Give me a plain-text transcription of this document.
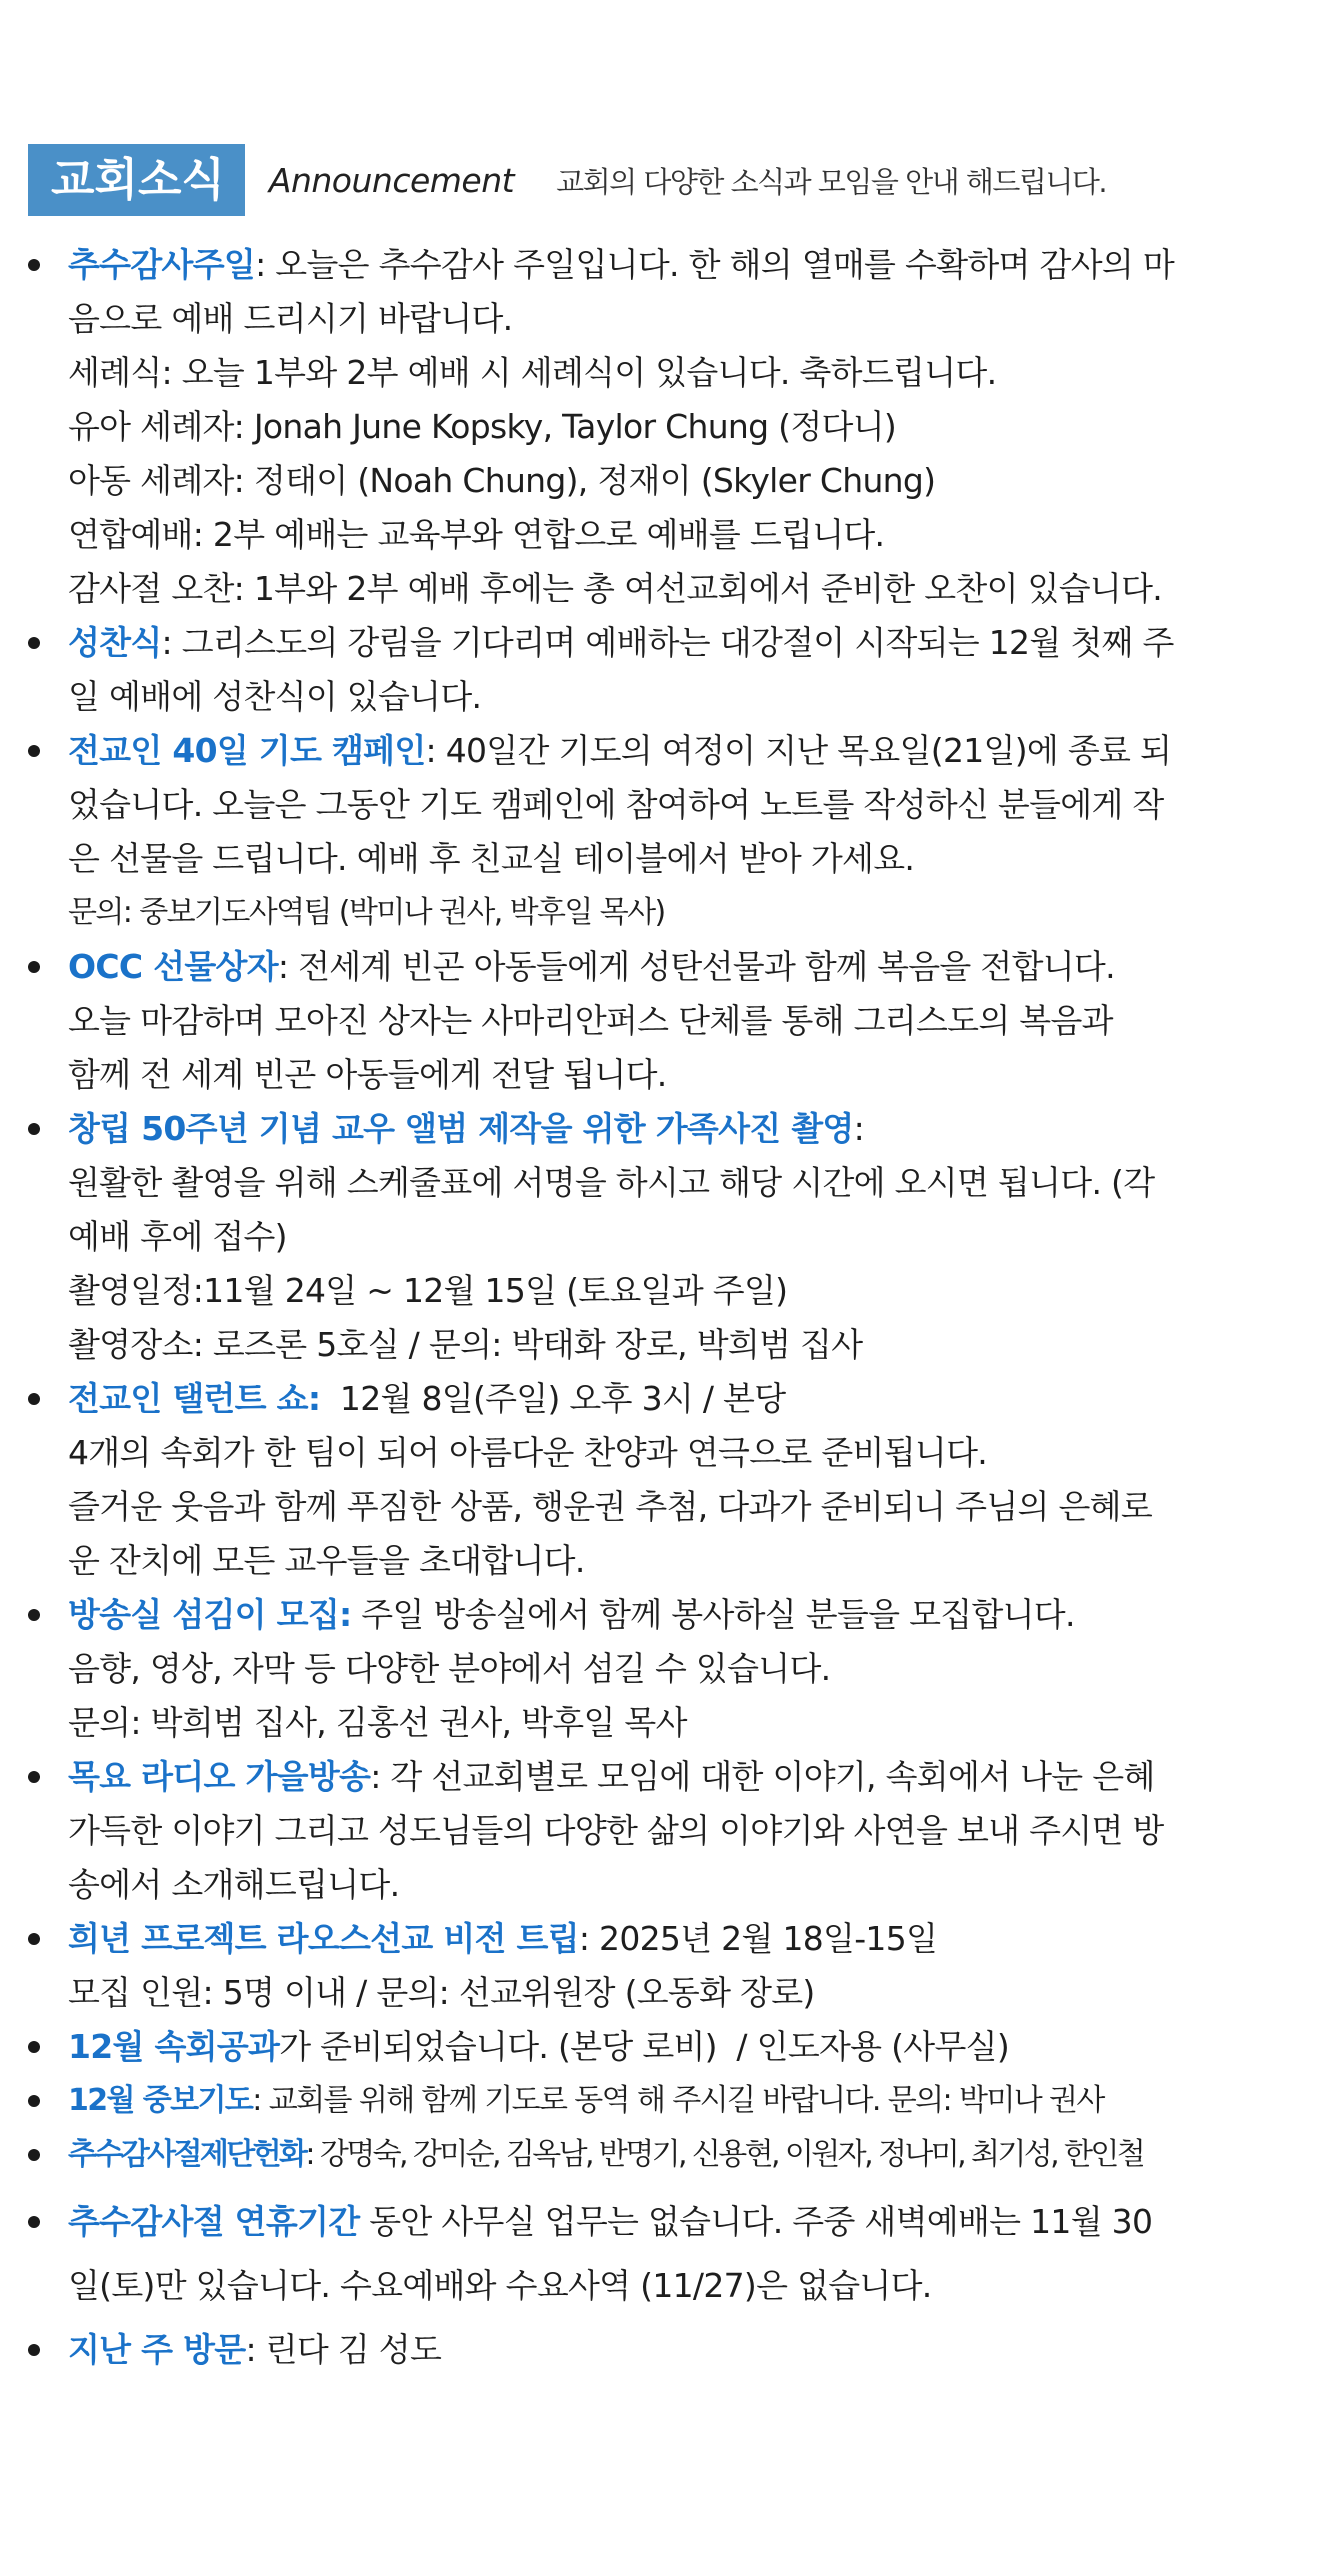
교회소식	Announcement 교회의 다양한 소식과 모임을 안내 해드립니다.
추수감사주일: 오늘은 추수감사 주일입니다. 한 해의 열매를 수확하며 감사의 마
음으로 예배 드리시기 바랍니다.
세례식: 오늘 1부와 2부 예배 시 세례식이 있습니다. 축하드립니다.
유아 세례자: Jonah June Kopsky, Taylor Chung (정다니)
아동 세례자: 정태이 (Noah Chung), 정재이 (Skyler Chung)
연합예배: 2부 예배는 교육부와 연합으로 예배를 드립니다.
감사절 오찬: 1부와 2부 예배 후에는 총 여선교회에서 준비한 오찬이 있습니다.
성찬식: 그리스도의 강림을 기다리며 예배하는 대강절이 시작되는 12월 첫째 주
일 예배에 성찬식이 있습니다.
전교인 40일 기도 캠페인: 40일간 기도의 여정이 지난 목요일(21일)에 종료 되
었습니다. 오늘은 그동안 기도 캠페인에 참여하여 노트를 작성하신 분들에게 작
은 선물을 드립니다. 예배 후 친교실 테이블에서 받아 가세요.
문의: 중보기도사역팀 (박미나 권사, 박후일 목사)
OCC 선물상자: 전세계 빈곤 아동들에게 성탄선물과 함께 복음을 전합니다.
오늘 마감하며 모아진 상자는 사마리안퍼스 단체를 통해 그리스도의 복음과
함께 전 세계 빈곤 아동들에게 전달 됩니다.
창립 50주년 기념 교우 앨범 제작을 위한 가족사진 촬영:
원활한 촬영을 위해 스케줄표에 서명을 하시고 해당 시간에 오시면 됩니다. (각
예배 후에 접수)
촬영일정:11월 24일 ~ 12월 15일 (토요일과 주일)
촬영장소: 로즈론 5호실 / 문의: 박태화 장로, 박희범 집사
전교인 탤런트 쇼:  12월 8일(주일) 오후 3시 / 본당
4개의 속회가 한 팀이 되어 아름다운 찬양과 연극으로 준비됩니다.
즐거운 웃음과 함께 푸짐한 상품, 행운권 추첨, 다과가 준비되니 주님의 은혜로
운 잔치에 모든 교우들을 초대합니다.
방송실 섬김이 모집: 주일 방송실에서 함께 봉사하실 분들을 모집합니다.
음향, 영상, 자막 등 다양한 분야에서 섬길 수 있습니다.
문의: 박희범 집사, 김홍선 권사, 박후일 목사
목요 라디오 가을방송: 각 선교회별로 모임에 대한 이야기, 속회에서 나눈 은혜
가득한 이야기 그리고 성도님들의 다양한 삶의 이야기와 사연을 보내 주시면 방
송에서 소개해드립니다.
희년 프로젝트 라오스선교 비전 트립: 2025년 2월 18일-15일
모집 인원: 5명 이내 / 문의: 선교위원장 (오동화 장로)
12월 속회공과가 준비되었습니다. (본당 로비)  / 인도자용 (사무실)
12월 중보기도: 교회를 위해 함께 기도로 동역 해 주시길 바랍니다. 문의: 박미나 권사
추수감사절제단헌화: 강명숙, 강미순, 김옥남, 반명기, 신용현, 이원자, 정나미, 최기성, 한인철
추수감사절 연휴기간 동안 사무실 업무는 없습니다. 주중 새벽예배는 11월 30
일(토)만 있습니다. 수요예배와 수요사역 (11/27)은 없습니다.
지난 주 방문: 린다 김 성도
